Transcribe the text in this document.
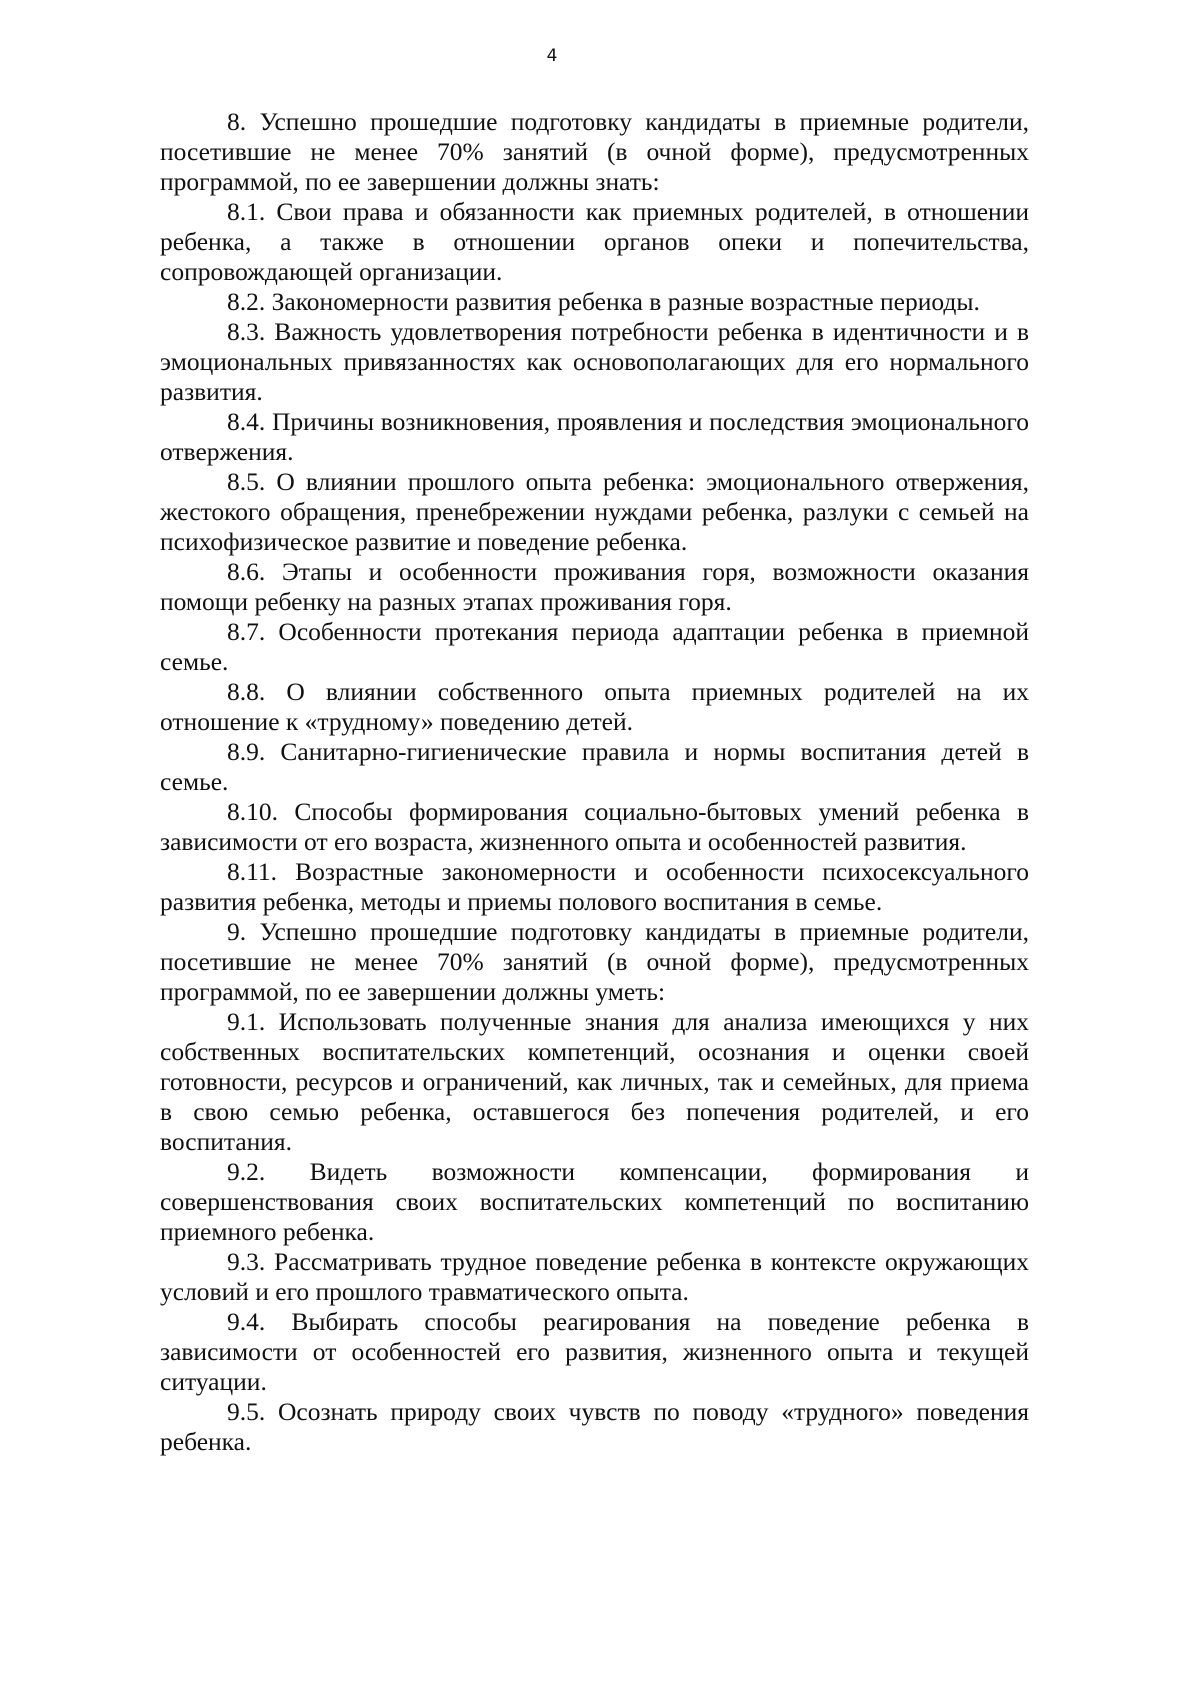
4

8. Успешно прошедшие подготовку кандидаты в приемные родители, посетившие не менее 70% занятий (в очной форме), предусмотренных программой, по ее завершении должны знать:

8.1. Свои права и обязанности как приемных родителей, в отношении ребенка, а также в отношении органов опеки и попечительства, сопровождающей организации.

8.2. Закономерности развития ребенка в разные возрастные периоды.

8.3. Важность удовлетворения потребности ребенка в идентичности и в эмоциональных привязанностях как основополагающих для его нормального развития.

8.4. Причины возникновения, проявления и последствия эмоционального отвержения.

8.5. О влиянии прошлого опыта ребенка: эмоционального отвержения, жестокого обращения, пренебрежении нуждами ребенка, разлуки с семьей на психофизическое развитие и поведение ребенка.

8.6. Этапы и особенности проживания горя, возможности оказания помощи ребенку на разных этапах проживания горя.

8.7. Особенности протекания периода адаптации ребенка в приемной семье.

8.8. О влиянии собственного опыта приемных родителей на их отношение к «трудному» поведению детей.

8.9. Санитарно-гигиенические правила и нормы воспитания детей в семье.

8.10. Способы формирования социально-бытовых умений ребенка в зависимости от его возраста, жизненного опыта и особенностей развития.

8.11. Возрастные закономерности и особенности психосексуального развития ребенка, методы и приемы полового воспитания в семье.

9. Успешно прошедшие подготовку кандидаты в приемные родители, посетившие не менее 70% занятий (в очной форме), предусмотренных программой, по ее завершении должны уметь:

9.1. Использовать полученные знания для анализа имеющихся у них собственных воспитательских компетенций, осознания и оценки своей готовности, ресурсов и ограничений, как личных, так и семейных, для приема в свою семью ребенка, оставшегося без попечения родителей, и его воспитания.

9.2. Видеть возможности компенсации, формирования и совершенствования своих воспитательских компетенций по воспитанию приемного ребенка.

9.3. Рассматривать трудное поведение ребенка в контексте окружающих условий и его прошлого травматического опыта.

9.4. Выбирать способы реагирования на поведение ребенка в зависимости от особенностей его развития, жизненного опыта и текущей ситуации.

9.5. Осознать природу своих чувств по поводу «трудного» поведения ребенка.
